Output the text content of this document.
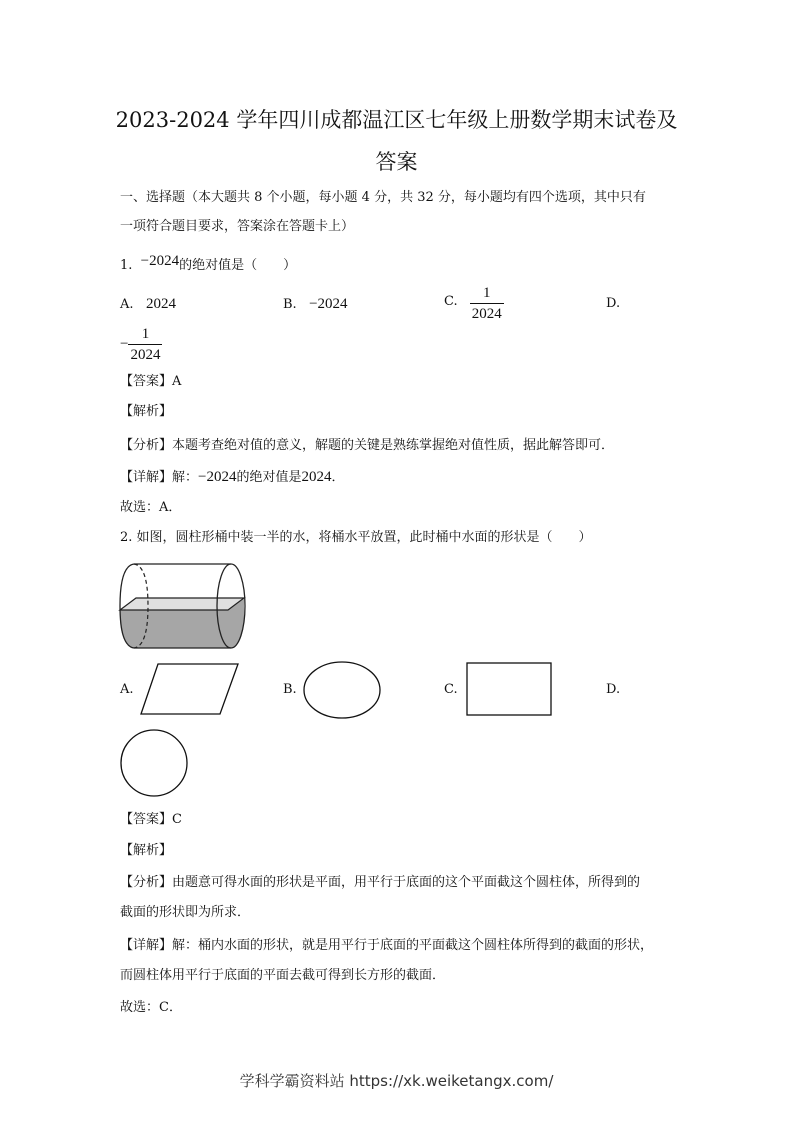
2023-2024 学年四川成都温江区七年级上册数学期末试卷及
答案
一、选择题（本大题共 8 个小题，每小题 4 分，共 32 分，每小题均有四个选项，其中只有
一项符合题目要求，答案涂在答题卡上）
1. −2024的绝对值是（　　）
A. 2024	B. −2024	C. $\frac{1}{2024}$	D.
− $\frac{1}{2024}$
【答案】A
【解析】
【分析】本题考查绝对值的意义，解题的关键是熟练掌握绝对值性质，据此解答即可．
【详解】解：−2024的绝对值是2024．
故选：A．
2. 如图，圆柱形桶中装一半的水，将桶水平放置，此时桶中水面的形状是（　　）
A.	B.	C.	D.
【答案】C
【解析】
【分析】由题意可得水面的形状是平面，用平行于底面的这个平面截这个圆柱体，所得到的
截面的形状即为所求．
【详解】解：桶内水面的形状，就是用平行于底面的平面截这个圆柱体所得到的截面的形状，
而圆柱体用平行于底面的平面去截可得到长方形的截面．
故选：C．
学科学霸资料站 https://xk.weiketangx.com/
